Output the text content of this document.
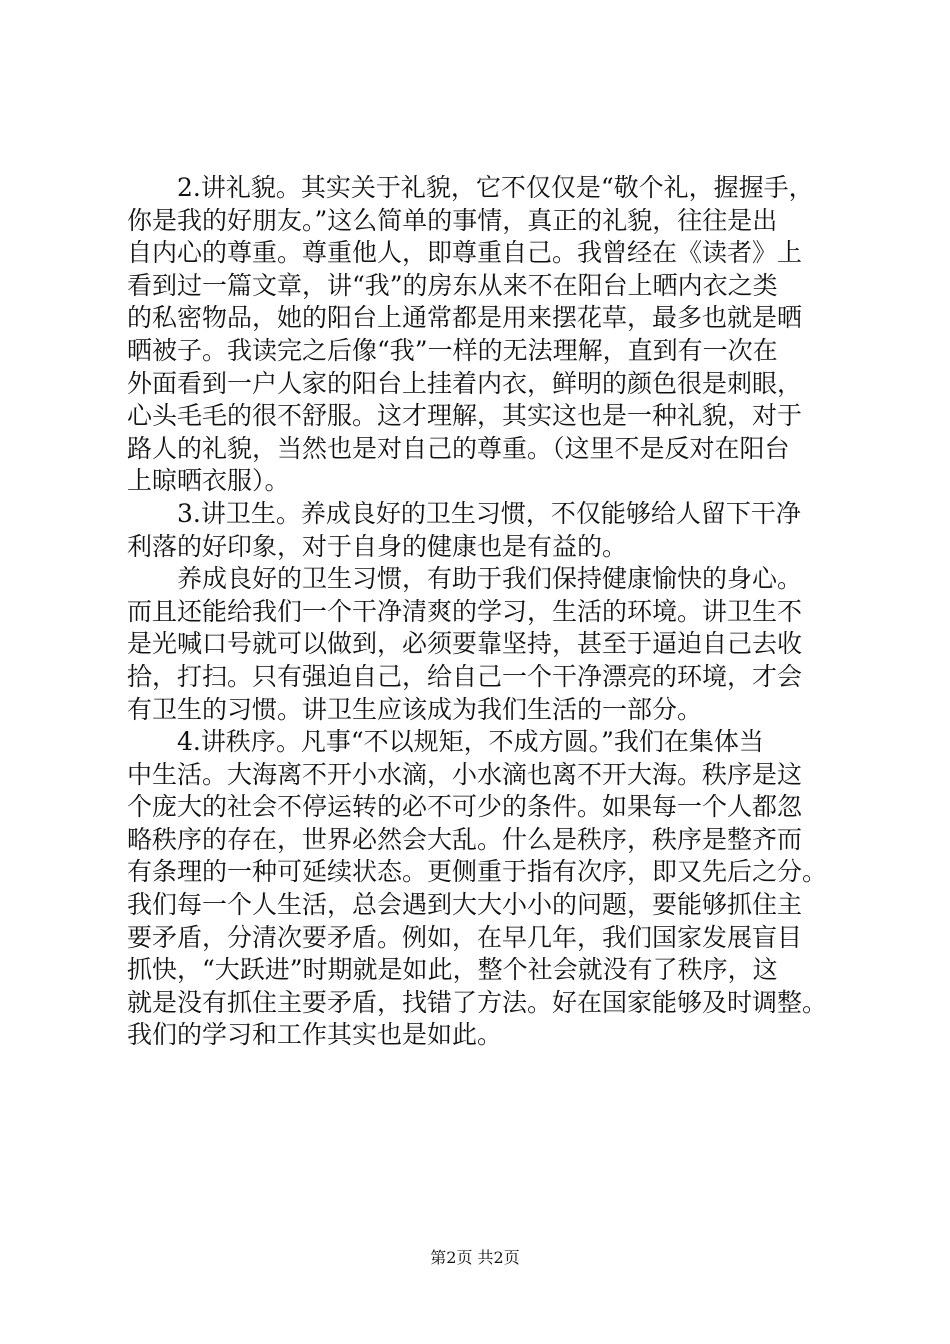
　　2.讲礼貌。其实关于礼貌，它不仅仅是“敬个礼，握握手，
你是我的好朋友。”这么简单的事情，真正的礼貌，往往是出
自内心的尊重。尊重他人，即尊重自己。我曾经在《读者》上
看到过一篇文章，讲“我”的房东从来不在阳台上晒内衣之类
的私密物品，她的阳台上通常都是用来摆花草，最多也就是晒
晒被子。我读完之后像“我”一样的无法理解，直到有一次在
外面看到一户人家的阳台上挂着内衣，鲜明的颜色很是刺眼，
心头毛毛的很不舒服。这才理解，其实这也是一种礼貌，对于
路人的礼貌，当然也是对自己的尊重。（这里不是反对在阳台
上晾晒衣服）。
　　3.讲卫生。养成良好的卫生习惯，不仅能够给人留下干净
利落的好印象，对于自身的健康也是有益的。
　　养成良好的卫生习惯，有助于我们保持健康愉快的身心。
而且还能给我们一个干净清爽的学习，生活的环境。讲卫生不
是光喊口号就可以做到，必须要靠坚持，甚至于逼迫自己去收
拾，打扫。只有强迫自己，给自己一个干净漂亮的环境，才会
有卫生的习惯。讲卫生应该成为我们生活的一部分。
　　4.讲秩序。凡事“不以规矩，不成方圆。”我们在集体当
中生活。大海离不开小水滴，小水滴也离不开大海。秩序是这
个庞大的社会不停运转的必不可少的条件。如果每一个人都忽
略秩序的存在，世界必然会大乱。什么是秩序，秩序是整齐而
有条理的一种可延续状态。更侧重于指有次序，即又先后之分。
我们每一个人生活，总会遇到大大小小的问题，要能够抓住主
要矛盾，分清次要矛盾。例如，在早几年，我们国家发展盲目
抓快，“大跃进”时期就是如此，整个社会就没有了秩序，这
就是没有抓住主要矛盾，找错了方法。好在国家能够及时调整。
我们的学习和工作其实也是如此。
第2页 共2页
